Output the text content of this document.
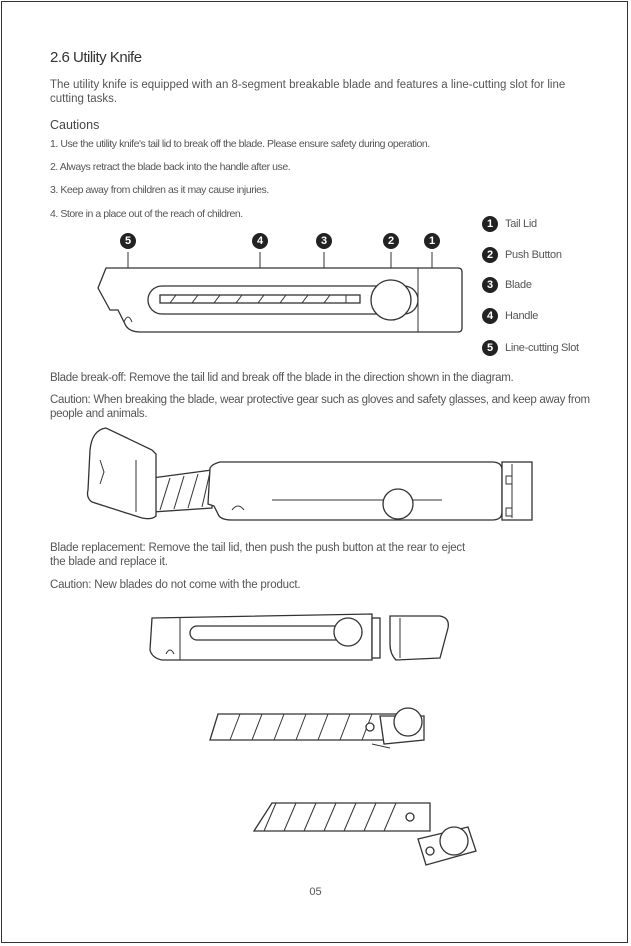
2.6 Utility Knife
The utility knife is equipped with an 8-segment breakable blade and features a line-cutting slot for line cutting tasks.
Cautions
1. Use the utility knife's tail lid to break off the blade. Please ensure safety during operation.
2. Always retract the blade back into the handle after use.
3. Keep away from children as it may cause injuries.
4. Store in a place out of the reach of children.
1	Tail Lid
2	Push Button
3	Blade
4	Handle
5	Line-cutting Slot
5	4	3	2	1
Blade break-off: Remove the tail lid and break off the blade in the direction shown in the diagram.
Caution: When breaking the blade, wear protective gear such as gloves and safety glasses, and keep away from people and animals.
Blade replacement: Remove the tail lid, then push the push button at the rear to eject the blade and replace it.
Caution: New blades do not come with the product.
05
